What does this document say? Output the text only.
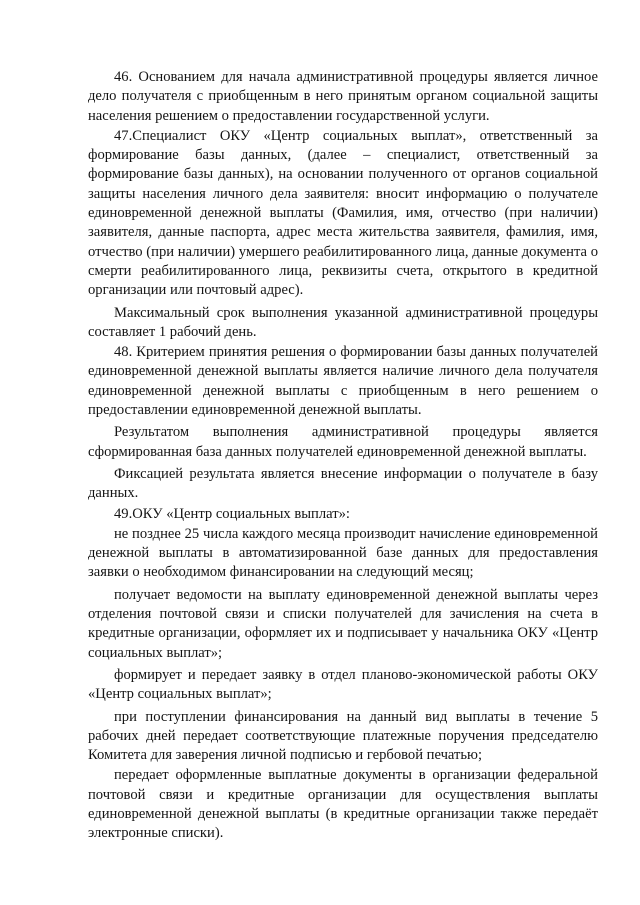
46. Основанием для начала административной процедуры является личное дело получателя с приобщенным в него принятым органом социальной защиты населения решением о предоставлении государственной услуги.

47.Специалист ОКУ «Центр социальных выплат», ответственный за формирование базы данных, (далее – специалист, ответственный за формирование базы данных), на основании полученного от органов социальной защиты населения личного дела заявителя: вносит информацию о получателе единовременной денежной выплаты (Фамилия, имя, отчество (при наличии) заявителя, данные паспорта, адрес места жительства заявителя, фамилия, имя, отчество (при наличии) умершего реабилитированного лица, данные документа о смерти реабилитированного лица, реквизиты счета, открытого в кредитной организации или почтовый адрес).

Максимальный срок выполнения указанной административной процедуры составляет 1 рабочий день.

48. Критерием принятия решения о формировании базы данных получателей единовременной денежной выплаты является наличие личного дела получателя единовременной денежной выплаты с приобщенным в него решением о предоставлении единовременной денежной выплаты.

Результатом выполнения административной процедуры является сформированная база данных получателей единовременной денежной выплаты.

Фиксацией результата является внесение информации о получателе в базу данных.

49.ОКУ «Центр социальных выплат»:

не позднее 25 числа каждого месяца производит начисление единовременной денежной выплаты в автоматизированной базе данных для предоставления заявки о необходимом финансировании на следующий месяц;

получает ведомости на выплату единовременной денежной выплаты через отделения почтовой связи и списки получателей для зачисления на счета в кредитные организации, оформляет их и подписывает у начальника ОКУ «Центр социальных выплат»;

формирует и передает заявку в отдел планово-экономической работы ОКУ «Центр социальных выплат»;

при поступлении финансирования на данный вид выплаты в течение 5 рабочих дней передает соответствующие платежные поручения председателю Комитета для заверения личной подписью и гербовой печатью;

передает оформленные выплатные документы в организации федеральной почтовой связи и кредитные организации для осуществления выплаты единовременной денежной выплаты (в кредитные организации также передаёт электронные списки).
